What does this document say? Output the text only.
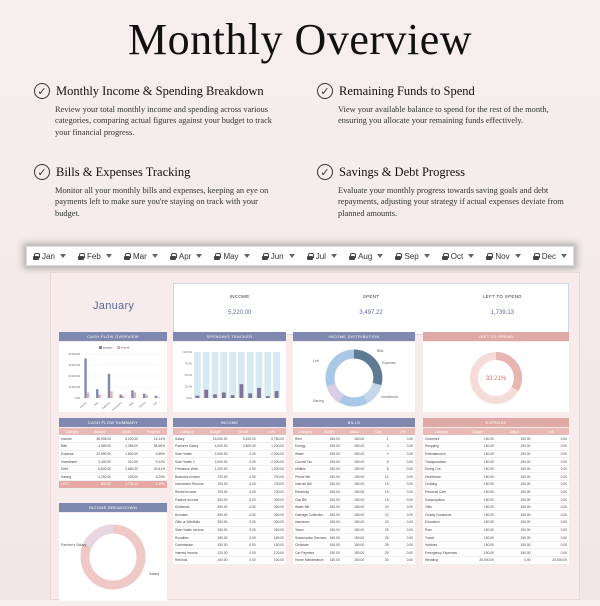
Monthly Overview
✓ Monthly Income & Spending Breakdown
Review your total monthly income and spending across various categories, comparing actual figures against your budget to track your financial progress.
✓ Remaining Funds to Spend
View your available balance to spend for the rest of the month, ensuring you allocate your remaining funds effectively.
✓ Bills & Expenses Tracking
Monitor all your monthly bills and expenses, keeping an eye on payments left to make sure you're staying on track with your budget.
✓ Savings & Debt Progress
Evaluate your monthly progress towards saving goals and debt repayments, adjusting your strategy if actual expenses deviate from planned amounts.
Jan	Feb	Mar	Apr	May	Jun	Jul	Aug	Sep	Oct	Nov	Dec
January
INCOME
5,220.00
SPENT
3,497.22
LEFT TO SPEND
1,739.13
CASH FLOW OVERVIEW	SPENDING TRACKER	INCOME DISTRIBUTION	LEFT TO SPEND
40,000.00
30,000.00
20,000.00
10,000.00
0.00
Budget	Actual
Income	Bills Expense Investment Debt Saving	Left
100.0%
75.0%
50.0%
25.0%
0.0%
Bills
Expense
Investment
Saving
Left
33.21%
CASH FLOW SUMMARY	INCOME	BILLS	EXPENSE
Category	Budget	Actual	Progress
Income	36,905.00	5,220.00	14.14%
Bills	4,085.00	2,385.00	58.38%
Expense	22,990.00	1,600.00	6.96%
Investment	3,400.00	310.00	9.12%
Debt	6,600.00	2,680.00	40.61%
Saving	4,250.00	225.00	5.29%
LEFT	800.00	1,739.13	4.49%
Category	Budget	Actual	Left
Salary	15,000.00	5,220.00	9,780.00
Partner's Salary	4,000.00	2,800.00	1,200.00
Side Hustle	2,000.00	0.00	2,000.00
Side Hustle 2	2,000.00	0.00	2,000.00
Freelance Work	1,200.00	0.00	1,200.00
Business Income	700.00	0.00	700.00
Investment Returns	700.00	0.00	700.00
Rental Income	700.00	0.00	700.00
Passive Income	300.00	0.00	300.00
Dividends	300.00	0.00	300.00
Bonuses	300.00	0.00	300.00
Gifts or Windfalls	300.00	0.00	300.00
Side Hustle Income	250.00	0.00	250.00
Royalties	180.00	0.00	180.00
Commission	150.00	0.00	150.00
Interest Income	120.00	0.00	120.00
Refunds	100.00	0.00	100.00
Category	Budget	Actual	Day	Left
Rent	150.00	150.00	1	0.00
Energy	150.00	150.00	3	0.00
Water	150.00	150.00	4	0.00
Council Tax	150.00	150.00	5	0.00
Utilities	150.00	150.00	8	0.00
Phone Bill	150.00	150.00	14	0.00
Internet Bill	150.00	150.00	15	0.00
Electricity	150.00	150.00	15	0.00
Gas Bill	150.00	150.00	18	0.00
Water Bill	150.00	150.00	20	0.00
Garbage Collection	150.00	150.00	22	0.00
Insurance	150.00	150.00	24	0.00
Taxes	150.00	150.00	25	0.00
Subscription Services	150.00	150.00	26	0.00
Childcare	150.00	150.00	28	0.00
Car Payment	150.00	150.00	29	0.00
Home Maintenance	150.00	150.00	30	0.00
Category	Budget	Actual	Left
Groceries	150.00	150.00	0.00
Shopping	150.00	150.00	0.00
Entertainment	150.00	150.00	0.00
Transportation	150.00	150.00	0.00
Dining Out	150.00	150.00	0.00
Healthcare	150.00	150.00	0.00
Clothing	150.00	150.00	0.00
Personal Care	150.00	150.00	0.00
Subscriptions	150.00	150.00	0.00
Gifts	150.00	150.00	0.00
Charity Donations	150.00	150.00	0.00
Education	150.00	150.00	0.00
Pets	150.00	150.00	0.00
Travel	150.00	150.00	0.00
Hobbies	150.00	150.00	0.00
Emergency Expenses	150.00	150.00	0.00
Wedding	20,000.00	0.00	20,000.00
INCOME BREAKDOWN
Partner's Salary
Salary
